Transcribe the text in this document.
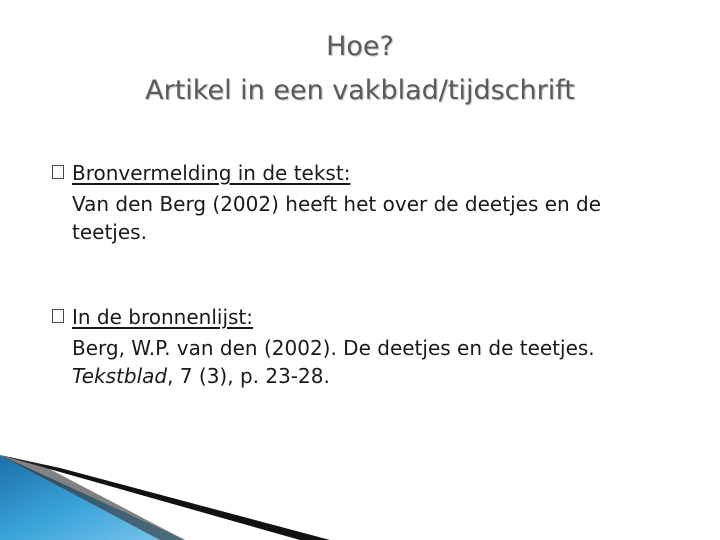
Hoe?
Artikel in een vakblad/tijdschrift
Bronvermelding in de tekst:
Van den Berg (2002) heeft het over de deetjes en de
teetjes.
In de bronnenlijst:
Berg, W.P. van den (2002). De deetjes en de teetjes.
Tekstblad, 7 (3), p. 23-28.
